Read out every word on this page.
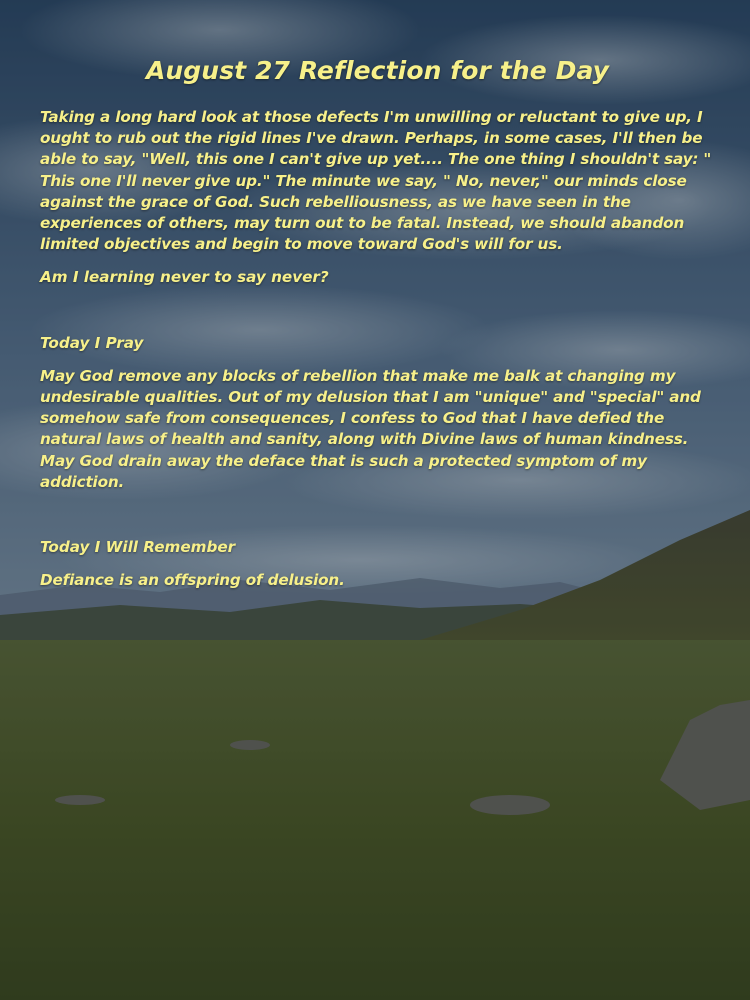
August 27 Reflection for the Day

Taking a long hard look at those defects I'm unwilling or reluctant to give up, I ought to rub out the rigid lines I've drawn. Perhaps, in some cases, I'll then be able to say, "Well, this one I can't give up yet.... The one thing I shouldn't say: " This one I'll never give up." The minute we say, " No, never," our minds close against the grace of God. Such rebelliousness, as we have seen in the experiences of others, may turn out to be fatal. Instead, we should abandon limited objectives and begin to move toward God's will for us.

Am I learning never to say never?

Today I Pray

May God remove any blocks of rebellion that make me balk at changing my undesirable qualities. Out of my delusion that I am "unique" and "special" and somehow safe from consequences, I confess to God that I have defied the natural laws of health and sanity, along with Divine laws of human kindness. May God drain away the deface that is such a protected symptom of my addiction.

Today I Will Remember

Defiance is an offspring of delusion.
